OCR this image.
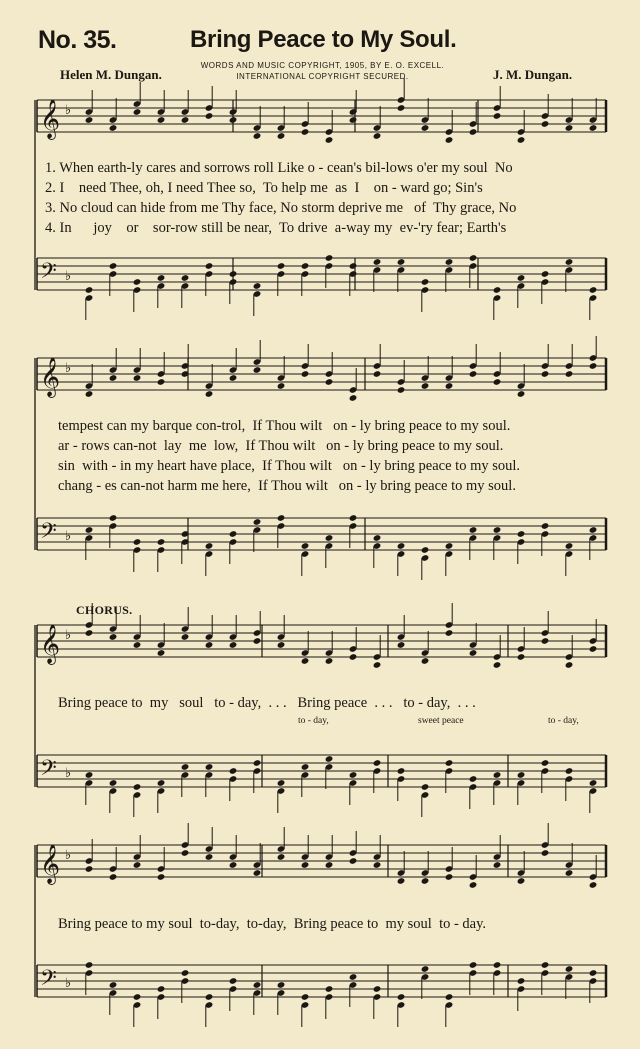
No. 35.	Bring Peace to My Soul.
Helen M. Dungan.
WORDS AND MUSIC COPYRIGHT, 1905, BY E. O. EXCELL.
INTERNATIONAL COPYRIGHT SECURED.	J. M. Dungan.
𝄞 ♭
𝄢 ♭
𝄞 ♭
𝄢 ♭
𝄞 ♭
𝄢 ♭
𝄞 ♭
𝄢 ♭
1. When earth-ly cares and sorrows roll Like o - cean's bil-lows o'er my soul  No
2. I    need Thee, oh, I need Thee so,  To help me  as  I    on - ward go; Sin's
3. No cloud can hide from me Thy face, No storm deprive me   of  Thy grace, No
4. In      joy    or    sor-row still be near,  To drive  a-way my  ev-'ry fear; Earth's
tempest can my barque con-trol,  If Thou wilt   on - ly bring peace to my soul.
ar - rows can-not  lay  me  low,  If Thou wilt   on - ly bring peace to my soul.
sin  with - in my heart have place,  If Thou wilt   on - ly bring peace to my soul.
chang - es can-not harm me here,  If Thou wilt   on - ly bring peace to my soul.
CHORUS.
Bring peace to  my   soul   to - day,  . . .   Bring peace  . . .   to - day,  . . .
to - day,	sweet peace	to - day,
Bring peace to my soul  to-day,  to-day,  Bring peace to  my soul  to - day.
